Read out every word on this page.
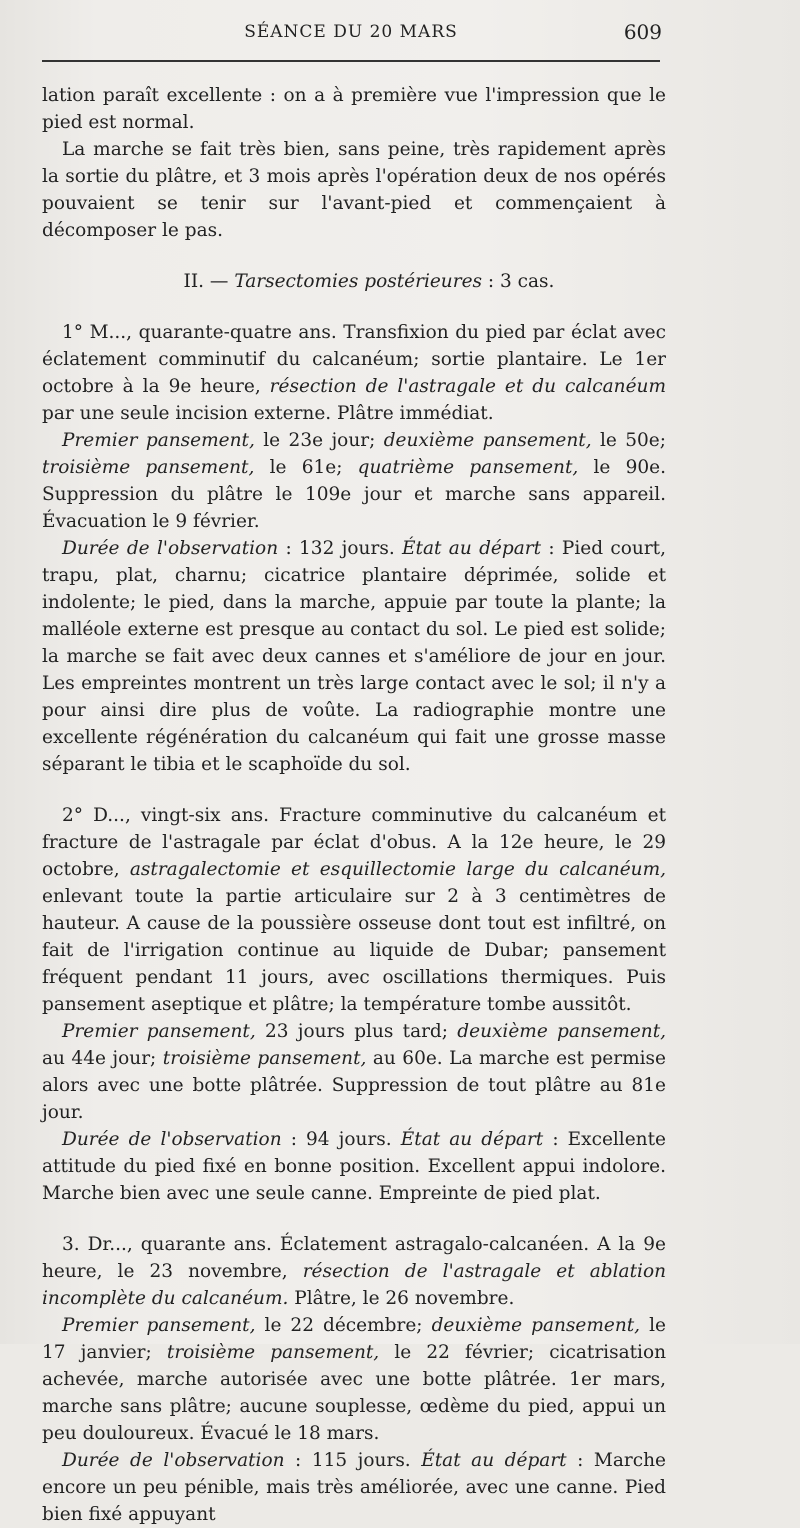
SÉANCE DU 20 MARS	609

lation paraît excellente : on a à première vue l'impression que le pied est normal.

La marche se fait très bien, sans peine, très rapidement après la sortie du plâtre, et 3 mois après l'opération deux de nos opérés pouvaient se tenir sur l'avant-pied et commençaient à décomposer le pas.

II. — Tarsectomies postérieures : 3 cas.

1° M..., quarante-quatre ans. Transfixion du pied par éclat avec éclatement comminutif du calcanéum; sortie plantaire. Le 1er octobre à la 9e heure, résection de l'astragale et du calcanéum par une seule incision externe. Plâtre immédiat.

Premier pansement, le 23e jour; deuxième pansement, le 50e; troisième pansement, le 61e; quatrième pansement, le 90e. Suppression du plâtre le 109e jour et marche sans appareil. Évacuation le 9 février.

Durée de l'observation : 132 jours. État au départ : Pied court, trapu, plat, charnu; cicatrice plantaire déprimée, solide et indolente; le pied, dans la marche, appuie par toute la plante; la malléole externe est presque au contact du sol. Le pied est solide; la marche se fait avec deux cannes et s'améliore de jour en jour. Les empreintes montrent un très large contact avec le sol; il n'y a pour ainsi dire plus de voûte. La radiographie montre une excellente régénération du calcanéum qui fait une grosse masse séparant le tibia et le scaphoïde du sol.

2° D..., vingt-six ans. Fracture comminutive du calcanéum et fracture de l'astragale par éclat d'obus. A la 12e heure, le 29 octobre, astragalectomie et esquillectomie large du calcanéum, enlevant toute la partie articulaire sur 2 à 3 centimètres de hauteur. A cause de la poussière osseuse dont tout est infiltré, on fait de l'irrigation continue au liquide de Dubar; pansement fréquent pendant 11 jours, avec oscillations thermiques. Puis pansement aseptique et plâtre; la température tombe aussitôt.

Premier pansement, 23 jours plus tard; deuxième pansement, au 44e jour; troisième pansement, au 60e. La marche est permise alors avec une botte plâtrée. Suppression de tout plâtre au 81e jour.

Durée de l'observation : 94 jours. État au départ : Excellente attitude du pied fixé en bonne position. Excellent appui indolore. Marche bien avec une seule canne. Empreinte de pied plat.

3. Dr..., quarante ans. Éclatement astragalo-calcanéen. A la 9e heure, le 23 novembre, résection de l'astragale et ablation incomplète du calcanéum. Plâtre, le 26 novembre.

Premier pansement, le 22 décembre; deuxième pansement, le 17 janvier; troisième pansement, le 22 février; cicatrisation achevée, marche autorisée avec une botte plâtrée. 1er mars, marche sans plâtre; aucune souplesse, œdème du pied, appui un peu douloureux. Évacué le 18 mars.

Durée de l'observation : 115 jours. État au départ : Marche encore un peu pénible, mais très améliorée, avec une canne. Pied bien fixé appuyant
